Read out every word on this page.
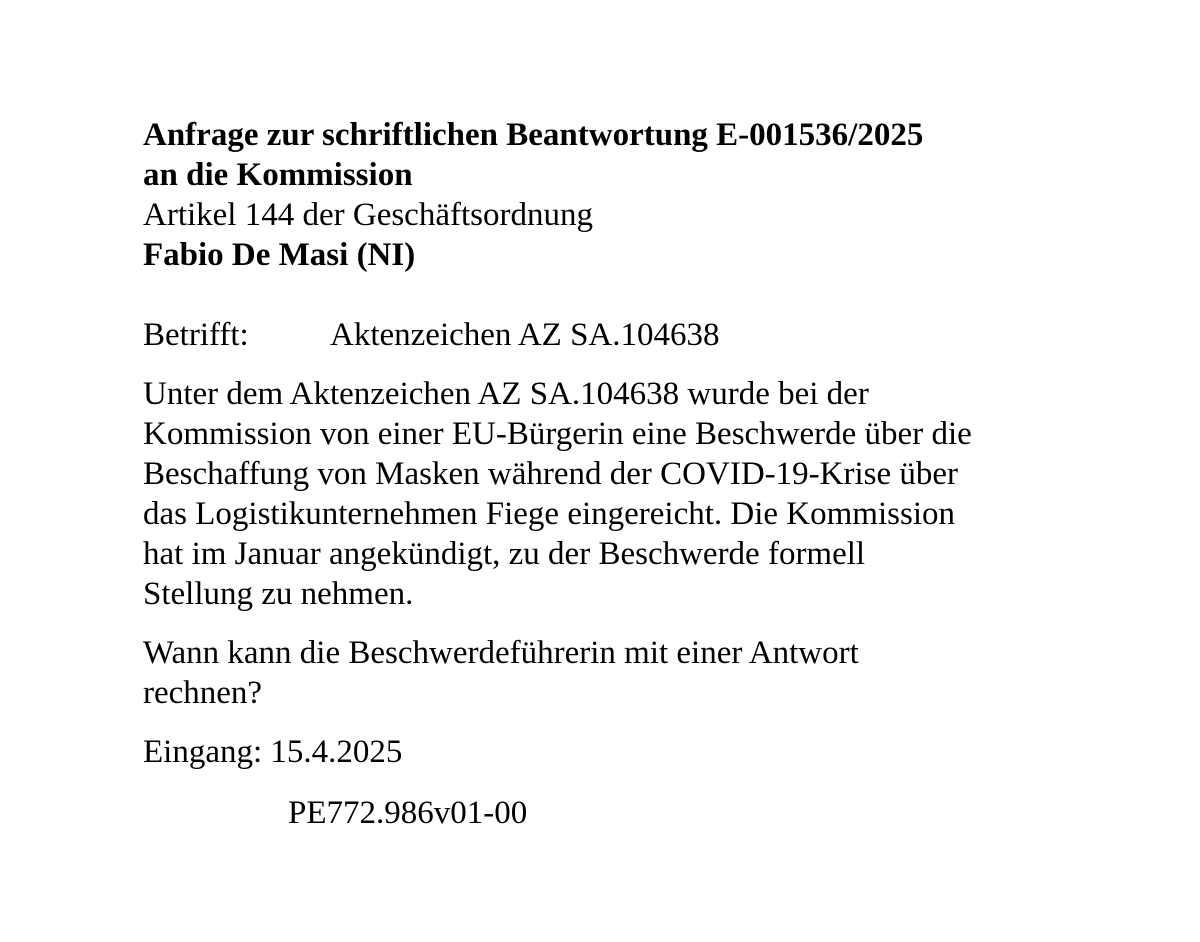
Anfrage zur schriftlichen Beantwortung E-001536/2025
an die Kommission
Artikel 144 der Geschäftsordnung
Fabio De Masi (NI)
Betrifft:	Aktenzeichen AZ SA.104638
Unter dem Aktenzeichen AZ SA.104638 wurde bei der
Kommission von einer EU-Bürgerin eine Beschwerde über die
Beschaffung von Masken während der COVID-19-Krise über
das Logistikunternehmen Fiege eingereicht. Die Kommission
hat im Januar angekündigt, zu der Beschwerde formell
Stellung zu nehmen.
Wann kann die Beschwerdeführerin mit einer Antwort
rechnen?
Eingang: 15.4.2025
PE772.986v01-00
